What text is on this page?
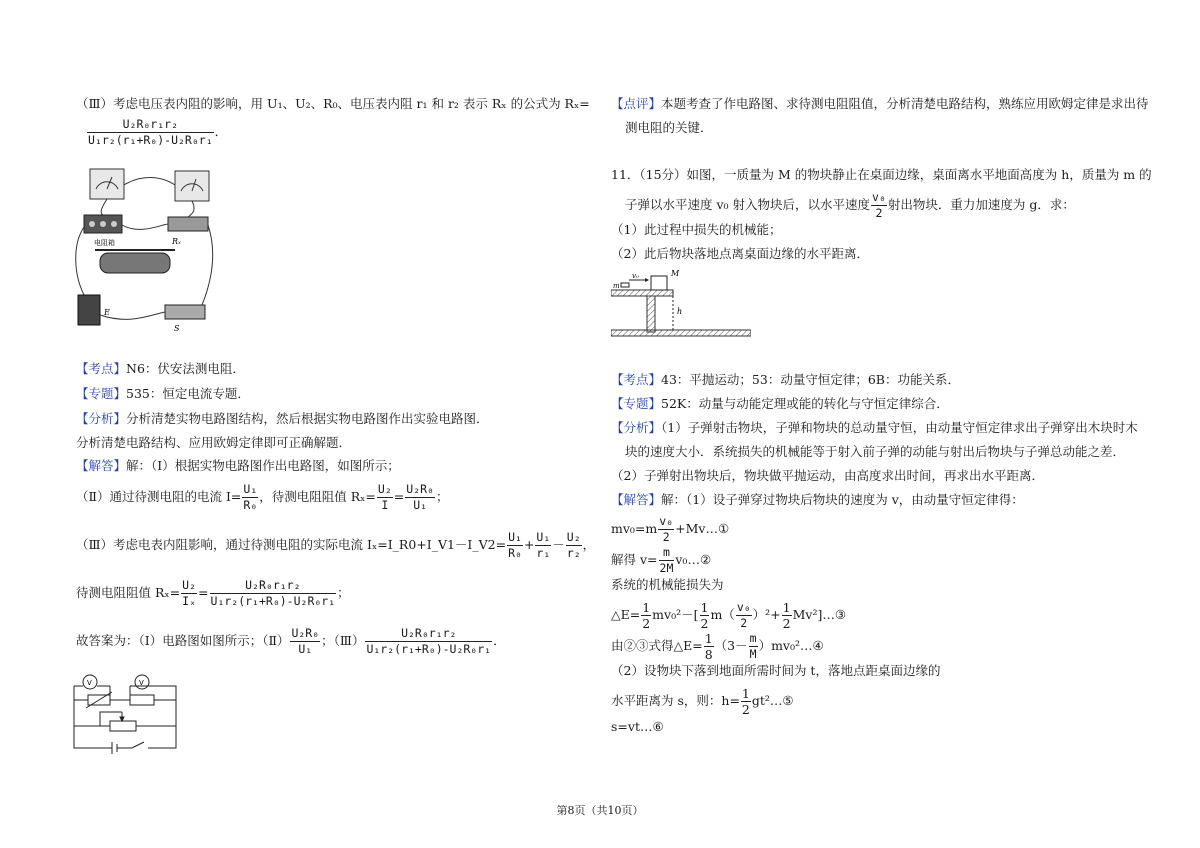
（Ⅲ）考虑电压表内阻的影响，用 U₁、U₂、R₀、电压表内阻 r₁ 和 r₂ 表示 Rₓ 的公式为 Rₓ=
$\frac{\text{U₂R₀r₁r₂}}{\text{U₁r₂(r₁+R₀)-U₂R₀r₁}}$ ．
电阻箱	Rₓ
E
S
【考点】N6：伏安法测电阻．
【专题】535：恒定电流专题．
【分析】分析清楚实物电路图结构，然后根据实物电路图作出实验电路图．
分析清楚电路结构、应用欧姆定律即可正确解题．
【解答】解：（Ⅰ）根据实物电路图作出电路图，如图所示；
（Ⅱ）通过待测电阻的电流 $I= \frac{\text{U₁}}{\text{R₀}}$ ，待测电阻阻值 $R_x= \frac{\text{U₂}}{I} = \frac{\text{U₂R₀}}{\text{U₁}}$ ；
（Ⅲ）考虑电表内阻影响，通过待测电阻的实际电流 Iₓ=I_R0+I_V1－I_V2= $\frac{\text{U₁}}{\text{R₀}} + \frac{\text{U₁}}{\text{r₁}} - \frac{\text{U₂}}{\text{r₂}}$ ，
待测电阻阻值 $R_x= \frac{\text{U₂}}{\text{Iₓ}} = \frac{\text{U₂R₀r₁r₂}}{\text{U₁r₂(r₁+R₀)-U₂R₀r₁}}$ ；
故答案为：（Ⅰ）电路图如图所示；（Ⅱ） $\frac{\text{U₂R₀}}{\text{U₁}}$ ；（Ⅲ） $\frac{\text{U₂R₀r₁r₂}}{\text{U₁r₂(r₁+R₀)-U₂R₀r₁}}$ ．
V	V
【点评】本题考查了作电路图、求待测电阻阻值，分析清楚电路结构，熟练应用欧姆定律是求出待
测电阻的关键．
11．（15分）如图，一质量为 M 的物块静止在桌面边缘，桌面离水平地面高度为 h，质量为 m 的
子弹以水平速度 v₀ 射入物块后，以水平速度 $\frac{\text{v₀}}{2}$ 射出物块．重力加速度为 g．求：
（1）此过程中损失的机械能；
（2）此后物块落地点离桌面边缘的水平距离．
m
v₀	M
h
【考点】43：平抛运动；53：动量守恒定律；6B：功能关系．
【专题】52K：动量与动能定理或能的转化与守恒定律综合．
【分析】（1）子弹射击物块，子弹和物块的总动量守恒，由动量守恒定律求出子弹穿出木块时木
块的速度大小．系统损失的机械能等于射入前子弹的动能与射出后物块与子弹总动能之差．
（2）子弹射出物块后，物块做平抛运动，由高度求出时间，再求出水平距离．
【解答】解：（1）设子弹穿过物块后物块的速度为 v，由动量守恒定律得：
$mv_0=m \frac{\text{v₀}}{2}$ +Mv…①
解得 $v= \frac{m}{2M}$ v₀…②
系统的机械能损失为
△E= $\frac{1}{2} mv_0^2-[ \frac{1}{2} m( \frac{\text{v₀}}{2} )^2+ \frac{1}{2}$ Mv²]…③
由②③式得△E= $\frac{1}{8} (3- \frac{m}{M}$ ）mv₀²…④
（2）设物块下落到地面所需时间为 t，落地点距桌面边缘的
水平距离为 s，则：$h= \frac{1}{2}$ gt²…⑤
s=vt…⑥
第8页（共10页）
